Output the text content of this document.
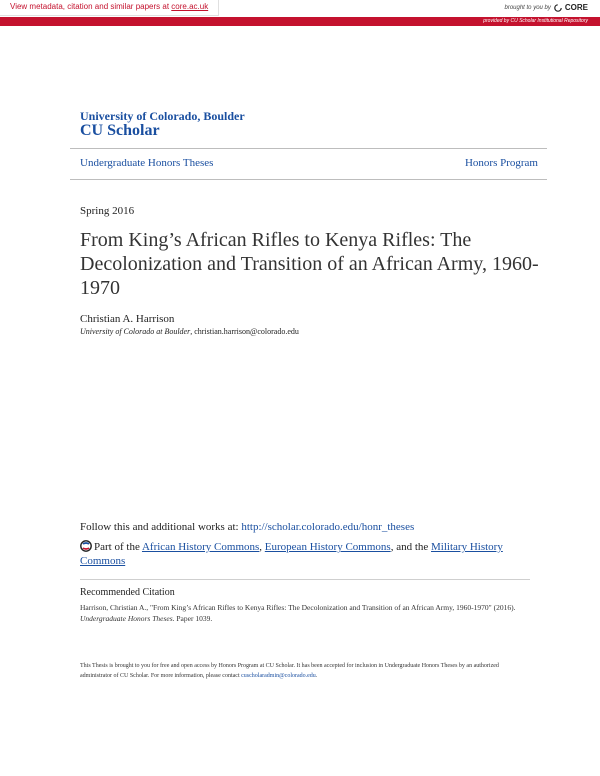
View metadata, citation and similar papers at core.ac.uk	brought to you by CORE
provided by CU Scholar Institutional Repository
University of Colorado, Boulder
CU Scholar
Undergraduate Honors Theses	Honors Program
Spring 2016
From King’s African Rifles to Kenya Rifles: The Decolonization and Transition of an African Army, 1960-1970
Christian A. Harrison
University of Colorado at Boulder, christian.harrison@colorado.edu
Follow this and additional works at: http://scholar.colorado.edu/honr_theses
Part of the African History Commons, European History Commons, and the Military History Commons
Recommended Citation
Harrison, Christian A., "From King’s African Rifles to Kenya Rifles: The Decolonization and Transition of an African Army, 1960-1970" (2016). Undergraduate Honors Theses. Paper 1039.
This Thesis is brought to you for free and open access by Honors Program at CU Scholar. It has been accepted for inclusion in Undergraduate Honors Theses by an authorized administrator of CU Scholar. For more information, please contact cuscholaradmin@colorado.edu.
